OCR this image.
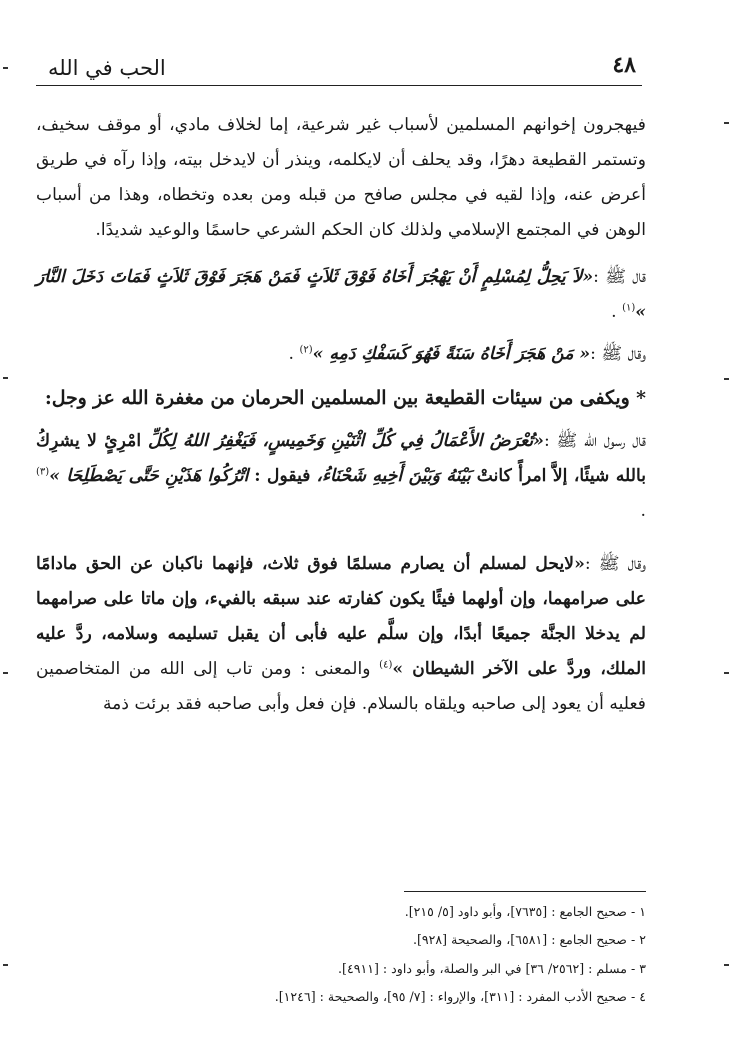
الحب في الله	٤٨

فيهجرون إخوانهم المسلمين لأسباب غير شرعية، إما لخلاف مادي، أو موقف سخيف، وتستمر القطيعة دهرًا، وقد يحلف أن لايكلمه، وينذر أن لايدخل بيته، وإذا رآه في طريق أعرض عنه، وإذا لقيه في مجلس صافح من قبله ومن بعده وتخطاه، وهذا من أسباب الوهن في المجتمع الإسلامي ولذلك كان الحكم الشرعي حاسمًا والوعيد شديدًا.

قال ﷺ :«لاَ يَحِلُّ لِمُسْلِمٍ أَنْ يَهْجُرَ أَخَاهُ فَوْقَ ثَلاَثٍ فَمَنْ هَجَرَ فَوْقَ ثَلاَثٍ فَمَاتَ دَخَلَ النَّارَ »$^{(١)}$ .

وقال ﷺ :« مَنْ هَجَرَ أَخَاهُ سَنَةً فَهُوَ كَسَفْكِ دَمِهِ »$^{(٢)}$ .

* ويكفى من سيئات القطيعة بين المسلمين الحرمان من مغفرة الله عز وجل:

قال رسول الله ﷺ :«تُعْرَضُ الأَعْمَالُ فِي كُلِّ اثْنَيْنِ وَخَمِيسٍ، فَيَغْفِرُ اللهُ لِكُلِّ امْرِئٍ لا يشرِكُ بالله شيئًا، إلاَّ امرأً كانتْ بَيْنَهُ وَبَيْنَ أَخِيهِ شَحْنَاءُ، فيقول : اتْرُكُوا هَذَيْنِ حَتَّى يَصْطَلِحَا »$^{(٣)}$ .

وقال ﷺ :«لايحل لمسلم أن يصارم مسلمًا فوق ثلاث، فإنهما ناكبان عن الحق مادامًا على صرامهما، وإن أولهما فيئًا يكون كفارته عند سبقه بالفيء، وإن ماتا على صرامهما لم يدخلا الجنَّة جميعًا أبدًا، وإن سلَّم عليه فأبى أن يقبل تسليمه وسلامه، ردَّ عليه الملك، وردَّ على الآخر الشيطان »$^{(٤)}$ والمعنى : ومن تاب إلى الله من المتخاصمين فعليه أن يعود إلى صاحبه ويلقاه بالسلام. فإن فعل وأبى صاحبه فقد برئت ذمة

١ - صحيح الجامع : [٧٦٣٥]، وأبو داود [٥/ ٢١٥].
٢ - صحيح الجامع : [٦٥٨١]، والصحيحة [٩٢٨].
٣ - مسلم : [٢٥٦٢/ ٣٦] في البر والصلة، وأبو داود : [٤٩١١].
٤ - صحيح الأدب المفرد : [٣١١]، والإرواء : [٧/ ٩٥]، والصحيحة : [١٢٤٦].
